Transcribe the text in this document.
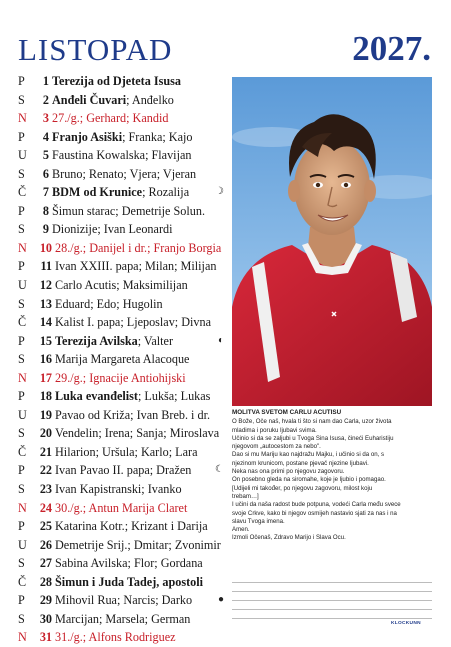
LISTOPAD	2027.
P 1 Terezija od Djeteta Isusa
S 2 Anđeli Čuvari; Anđelko
N 3 27./g.; Gerhard; Kandid
P 4 Franjo Asiški; Franka; Kajo
U 5 Faustina Kowalska; Flavijan
S 6 Bruno; Renato; Vjera; Vjeran
Č 7 BDM od Krunice; Rozalija	☽
P 8 Šimun starac; Demetrije Solun.
S 9 Dionizije; Ivan Leonardi
N 10 28./g.; Danijel i dr.; Franjo Borgia
P 11 Ivan XXIII. papa; Milan; Milijan
U 12 Carlo Acutis; Maksimilijan
S 13 Eduard; Edo; Hugolin
Č 14 Kalist I. papa; Ljeposlav; Divna
P 15 Terezija Avilska; Valter	◐
S 16 Marija Margareta Alacoque
N 17 29./g.; Ignacije Antiohijski
P 18 Luka evanđelist; Lukša; Lukas
U 19 Pavao od Križa; Ivan Breb. i dr.
S 20 Vendelin; Irena; Sanja; Miroslava
Č 21 Hilarion; Uršula; Karlo; Lara
P 22 Ivan Pavao II. papa; Dražen ☾
S 23 Ivan Kapistranski; Ivanko
N 24 30./g.; Antun Marija Claret
P 25 Katarina Kotr.; Krizant i Darija
U 26 Demetrije Srij.; Dmitar; Zvonimir
S 27 Sabina Avilska; Flor; Gordana
Č 28 Šimun i Juda Tadej, apostoli
P 29 Mihovil Rua; Narcis; Darko	●
S 30 Marcijan; Marsela; German
N 31 31./g.; Alfons Rodriguez
MOLITVA SVETOM CARLU ACUTISU
O Bože, Oče naš, hvala ti što si nam dao Carla, uzor života
mladima i poruku ljubavi svima.
Učinio si da se zaljubi u Tvoga Sina Isusa, čineći Euharistiju
njegovom „autocestom za nebo".
Dao si mu Mariju kao najdražu Majku, i učinio si da on, s
njezinom krunicom, postane pjevač njezine ljubavi.
Neka nas ona primi po njegovu zagovoru.
On posebno gleda na siromahe, koje je ljubio i pomagao.
[Udijeli mi također, po njegovu zagovoru, milost koju
trebam…]
I učini da naša radost bude potpuna, vodeći Carla među svece
svoje Crkve, kako bi njegov osmijeh nastavio sjati za nas i na
slavu Tvoga imena.
Amen.
Izmoli Očenaš, Zdravo Marijo i Slava Ocu.
KLOCKUNN
